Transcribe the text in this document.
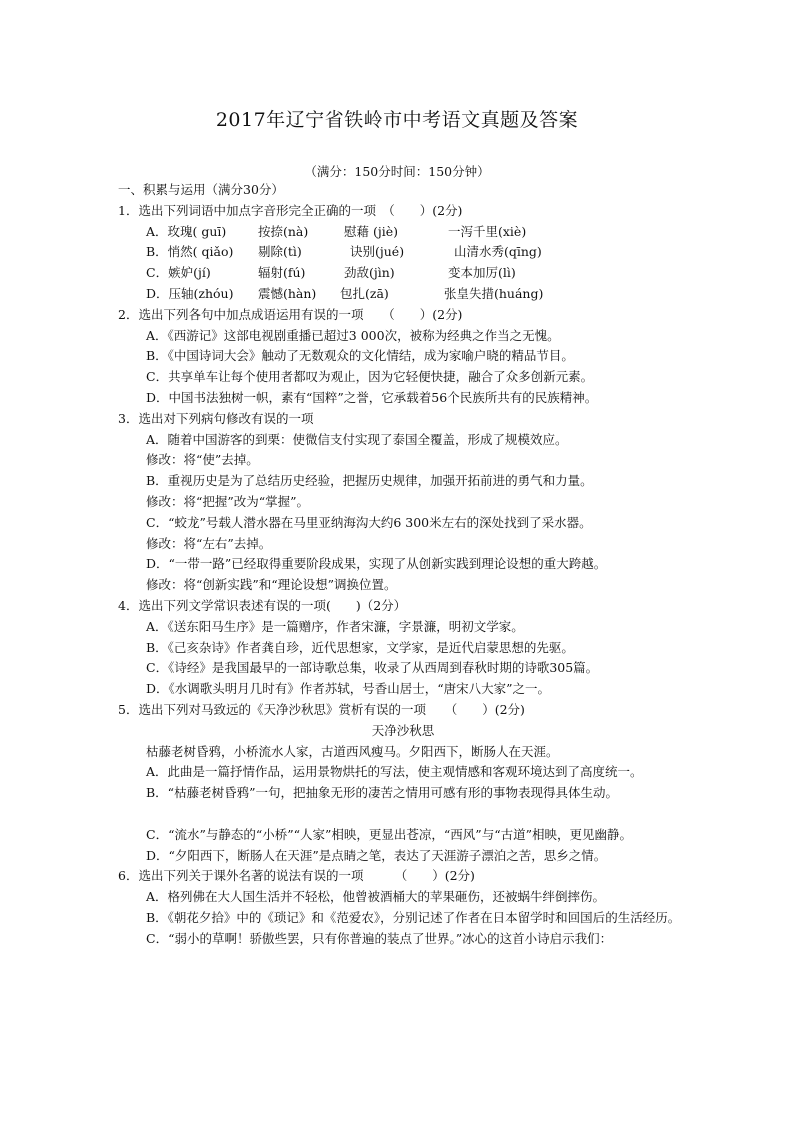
2017年辽宁省铁岭市中考语文真题及答案
（满分：150分时间：150分钟）
一、积累与运用（满分30分）
1．选出下列词语中加点字音形完全正确的一项　（　　）(2分)
A．玫瑰( guī)	按捺(nà)	慰藉 (jiè)	一泻千里(xiè)
B．悄然( qiǎo) 剔除(tì)	诀别(jué)	山清水秀(qīng)
C．嫉妒(jí)	辐射(fú)	劲敌(jìn)	变本加厉(lì)
D．压轴(zhóu) 震憾(hàn) 包扎(zā)	张皇失措(huáng)
2．选出下列各句中加点成语运用有误的一项　　（　　）(2分)
A．《西游记》这部电视剧重播已超过3 000次，被称为经典之作当之无愧。
B．《中国诗词大会》触动了无数观众的文化情结，成为家喻户晓的精品节目。
C．共享单车让每个使用者都叹为观止，因为它轻便快捷，融合了众多创新元素。
D．中国书法独树一帜，素有“国粹”之誉，它承载着56个民族所共有的民族精神。
3．选出对下列病句修改有误的一项
A．随着中国游客的到栗：使微信支付实现了泰国全覆盖，形成了规模效应。
修改：将“使”去掉。
B．重视历史是为了总结历史经验，把握历史规律，加强开拓前进的勇气和力量。
修改：将“把握”改为“掌握”。
C．“蛟龙”号载人潜水器在马里亚纳海沟大约6 300米左右的深处找到了采水器。
修改：将“左右”去掉。
D．“一带一路”已经取得重要阶段成果，实现了从创新实践到理论设想的重大跨越。
修改：将“创新实践”和“理论设想”调换位置。
4．选出下列文学常识表述有误的一项(　　)（2分）
A．《送东阳马生序》是一篇赠序，作者宋濂，字景濂，明初文学家。
B．《己亥杂诗》作者龚自珍，近代思想家，文学家，是近代启蒙思想的先驱。
C．《诗经》是我国最早的一部诗歌总集，收录了从西周到春秋时期的诗歌305篇。
D．《水调歌头明月几时有》作者苏轼，号香山居士，“唐宋八大家”之一。
5．选出下列对马致远的《天净沙秋思》赏析有误的一项　　（　　）(2分)
天净沙秋思
枯藤老树昏鸦，小桥流水人家，古道西风瘦马。夕阳西下，断肠人在天涯。
A．此曲是一篇抒情作品，运用景物烘托的写法，使主观情感和客观环境达到了高度统一。
B．“枯藤老树昏鸦”一句，把抽象无形的凄苦之情用可感有形的事物表现得具体生动。
C．“流水”与静态的“小桥”“人家”相映，更显出苍凉，“西风”与“古道”相映，更见幽静。
D．“夕阳西下，断肠人在天涯”是点睛之笔，表达了天涯游子漂泊之苦，思乡之情。
6．选出下列关于课外名著的说法有误的一项　　　（　　）(2分)
A．格列佛在大人国生活并不轻松，他曾被酒桶大的苹果砸伤，还被蜗牛绊倒摔伤。
B．《朝花夕拾》中的《琐记》和《范爱农》，分别记述了作者在日本留学时和回国后的生活经历。
C．“弱小的草啊！骄傲些罢，只有你普遍的装点了世界。”冰心的这首小诗启示我们：
